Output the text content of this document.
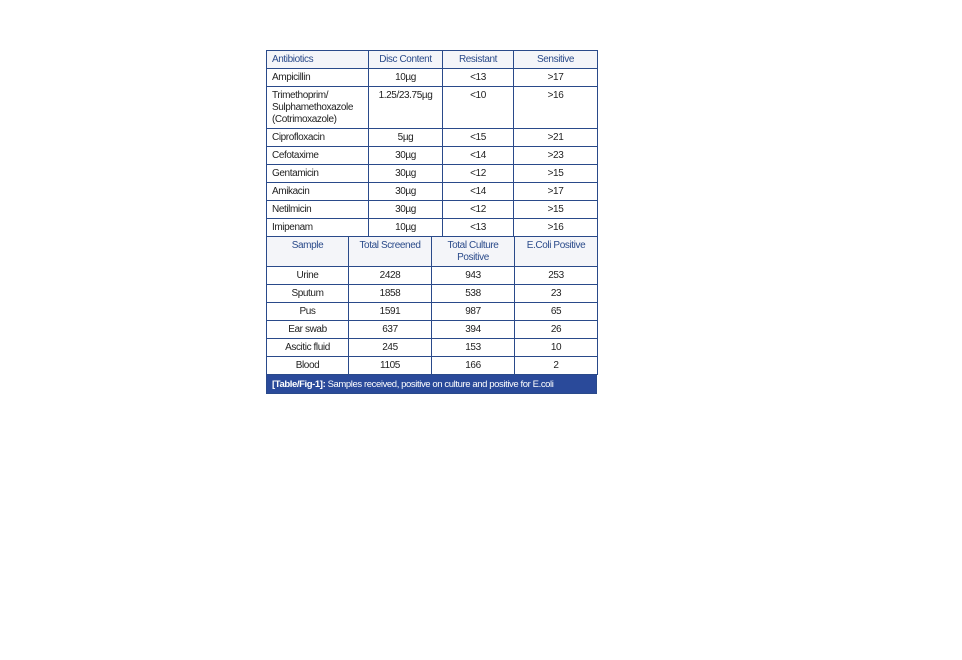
Antibiotics	Disc Content	Resistant	Sensitive
Ampicillin	10µg	<13	>17
Trimethoprim/ Sulphamethoxazole (Cotrimoxazole)	1.25/23.75µg	<10	>16
Ciprofloxacin	5µg	<15	>21
Cefotaxime	30µg	<14	>23
Gentamicin	30µg	<12	>15
Amikacin	30µg	<14	>17
Netilmicin	30µg	<12	>15
Imipenam	10µg	<13	>16
Sample	Total Screened	Total Culture Positive	E.Coli Positive
Urine	2428	943	253
Sputum	1858	538	23
Pus	1591	987	65
Ear swab	637	394	26
Ascitic fluid	245	153	10
Blood	1105	166	2
[Table/Fig-1]: Samples received, positive on culture and positive for E.coli
